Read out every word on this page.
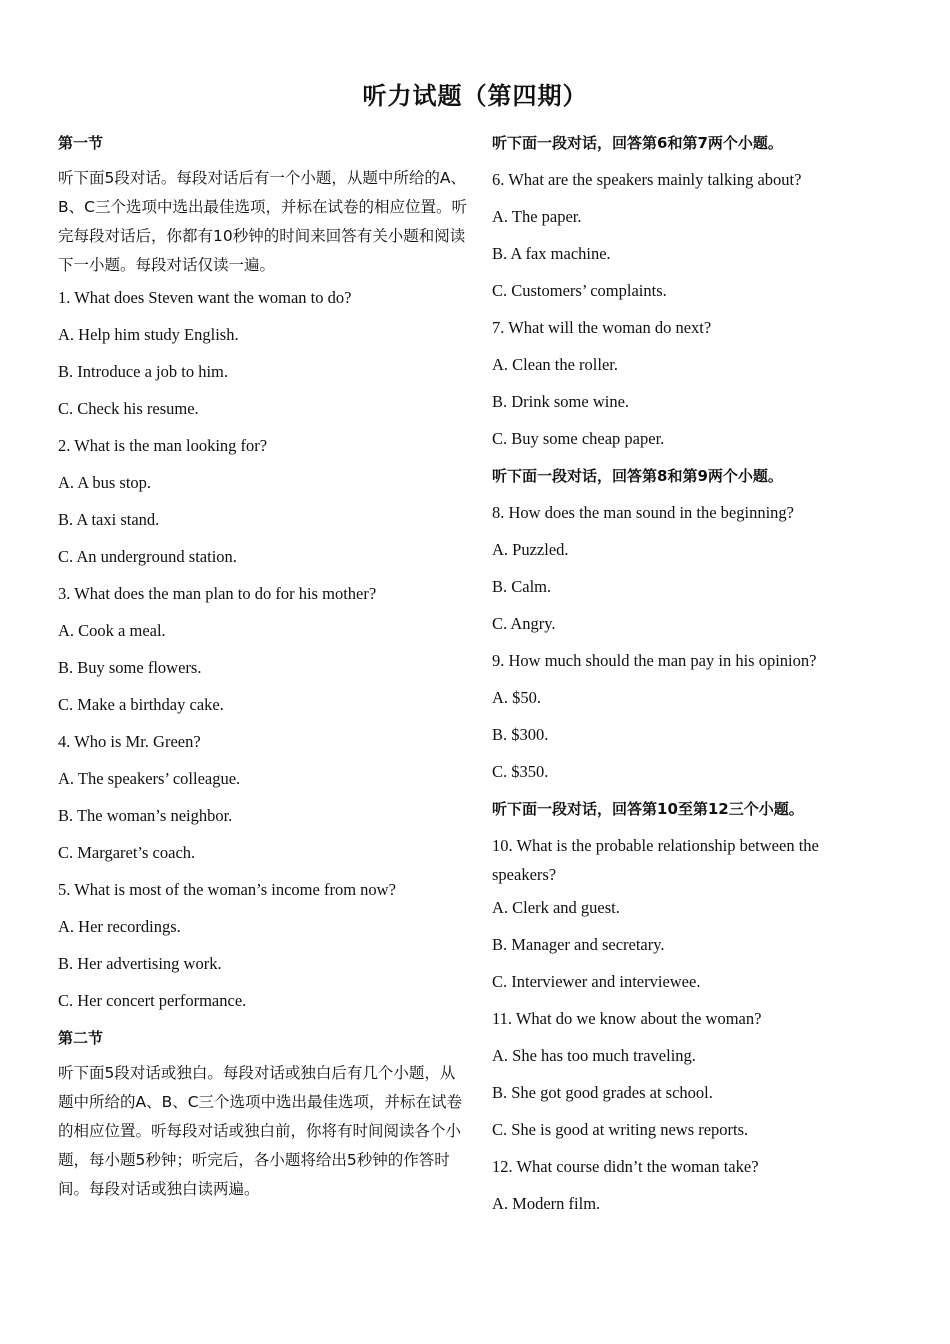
听力试题（第四期）
第一节
听下面5段对话。每段对话后有一个小题，从题中所给的A、B、C三个选项中选出最佳选项，并标在试卷的相应位置。听完每段对话后，你都有10秒钟的时间来回答有关小题和阅读下一小题。每段对话仅读一遍。
1. What does Steven want the woman to do?
A. Help him study English.
B. Introduce a job to him.
C. Check his resume.
2. What is the man looking for?
A. A bus stop.
B. A taxi stand.
C. An underground station.
3. What does the man plan to do for his mother?
A. Cook a meal.
B. Buy some flowers.
C. Make a birthday cake.
4. Who is Mr. Green?
A. The speakers’ colleague.
B. The woman’s neighbor.
C. Margaret’s coach.
5. What is most of the woman’s income from now?
A. Her recordings.
B. Her advertising work.
C. Her concert performance.
第二节
听下面5段对话或独白。每段对话或独白后有几个小题，从题中所给的A、B、C三个选项中选出最佳选项，并标在试卷的相应位置。听每段对话或独白前，你将有时间阅读各个小题，每小题5秒钟；听完后，各小题将给出5秒钟的作答时间。每段对话或独白读两遍。
听下面一段对话，回答第6和第7两个小题。
6. What are the speakers mainly talking about?
A. The paper.
B. A fax machine.
C. Customers’ complaints.
7. What will the woman do next?
A. Clean the roller.
B. Drink some wine.
C. Buy some cheap paper.
听下面一段对话，回答第8和第9两个小题。
8. How does the man sound in the beginning?
A. Puzzled.
B. Calm.
C. Angry.
9. How much should the man pay in his opinion?
A. $50.
B. $300.
C. $350.
听下面一段对话，回答第10至第12三个小题。
10. What is the probable relationship between the speakers?
A. Clerk and guest.
B. Manager and secretary.
C. Interviewer and interviewee.
11. What do we know about the woman?
A. She has too much traveling.
B. She got good grades at school.
C. She is good at writing news reports.
12. What course didn’t the woman take?
A. Modern film.
